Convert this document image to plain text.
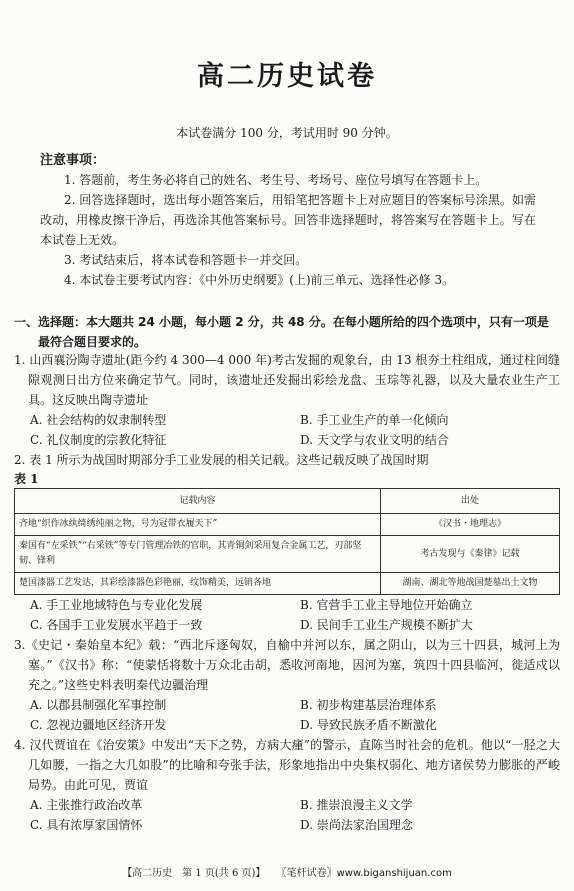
高二历史试卷
本试卷满分 100 分，考试用时 90 分钟。
注意事项：

1. 答题前，考生务必将自己的姓名、考生号、考场号、座位号填写在答题卡上。

2. 回答选择题时，选出每小题答案后，用铅笔把答题卡上对应题目的答案标号涂黑。如需改动，用橡皮擦干净后，再选涂其他答案标号。回答非选择题时，将答案写在答题卡上。写在本试卷上无效。

3. 考试结束后，将本试卷和答题卡一并交回。

4. 本试卷主要考试内容：《中外历史纲要》(上)前三单元、选择性必修 3。

一、选择题：本大题共 24 小题，每小题 2 分，共 48 分。在每小题所给的四个选项中，只有一项是
最符合题目要求的。

1. 山西襄汾陶寺遗址(距今约 4 300—4 000 年)考古发掘的观象台，由 13 根夯土柱组成，通过柱间缝隙观测日出方位来确定节气。同时，该遗址还发掘出彩绘龙盘、玉琮等礼器，以及大量农业生产工具。这反映出陶寺遗址

A. 社会结构的奴隶制转型	B. 手工业生产的单一化倾向
C. 礼仪制度的宗教化特征	D. 天文学与农业文明的结合

2. 表 1 所示为战国时期部分手工业发展的相关记载。这些记载反映了战国时期

表 1

记载内容	出处
齐地“织作冰纨绮绣纯丽之物，号为冠带衣履天下”	《汉书・地理志》
秦国有“左采铁”“右采铁”等专门管理冶铁的官职，其青铜剑采用复合金属工艺，刃部坚韧、锋利	考古发现与《秦律》记载
楚国漆器工艺发达，其彩绘漆器色彩艳丽，纹饰精美，远销各地	湖南、湖北等地战国楚墓出土文物
A. 手工业地域特色与专业化发展	B. 官营手工业主导地位开始确立
C. 各国手工业发展水平趋于一致	D. 民间手工业生产规模不断扩大

3.《史记・秦始皇本纪》载：“西北斥逐匈奴，自榆中并河以东，属之阴山，以为三十四县，城河上为塞。”《汉书》称：“使蒙恬将数十万众北击胡，悉收河南地，因河为塞，筑四十四县临河，徙适戍以充之。”这些史料表明秦代边疆治理

A. 以郡县制强化军事控制	B. 初步构建基层治理体系
C. 忽视边疆地区经济开发	D. 导致民族矛盾不断激化

4. 汉代贾谊在《治安策》中发出“天下之势，方病大瘇”的警示，直陈当时社会的危机。他以“一胫之大几如腰，一指之大几如股”的比喻和夸张手法，形象地指出中央集权弱化、地方诸侯势力膨胀的严峻局势。由此可见，贾谊

A. 主张推行政治改革	B. 推崇浪漫主义文学
C. 具有浓厚家国情怀	D. 崇尚法家治国理念
【高二历史　第 1 页(共 6 页)】 〖笔杆试卷〗www.biganshijuan.com
